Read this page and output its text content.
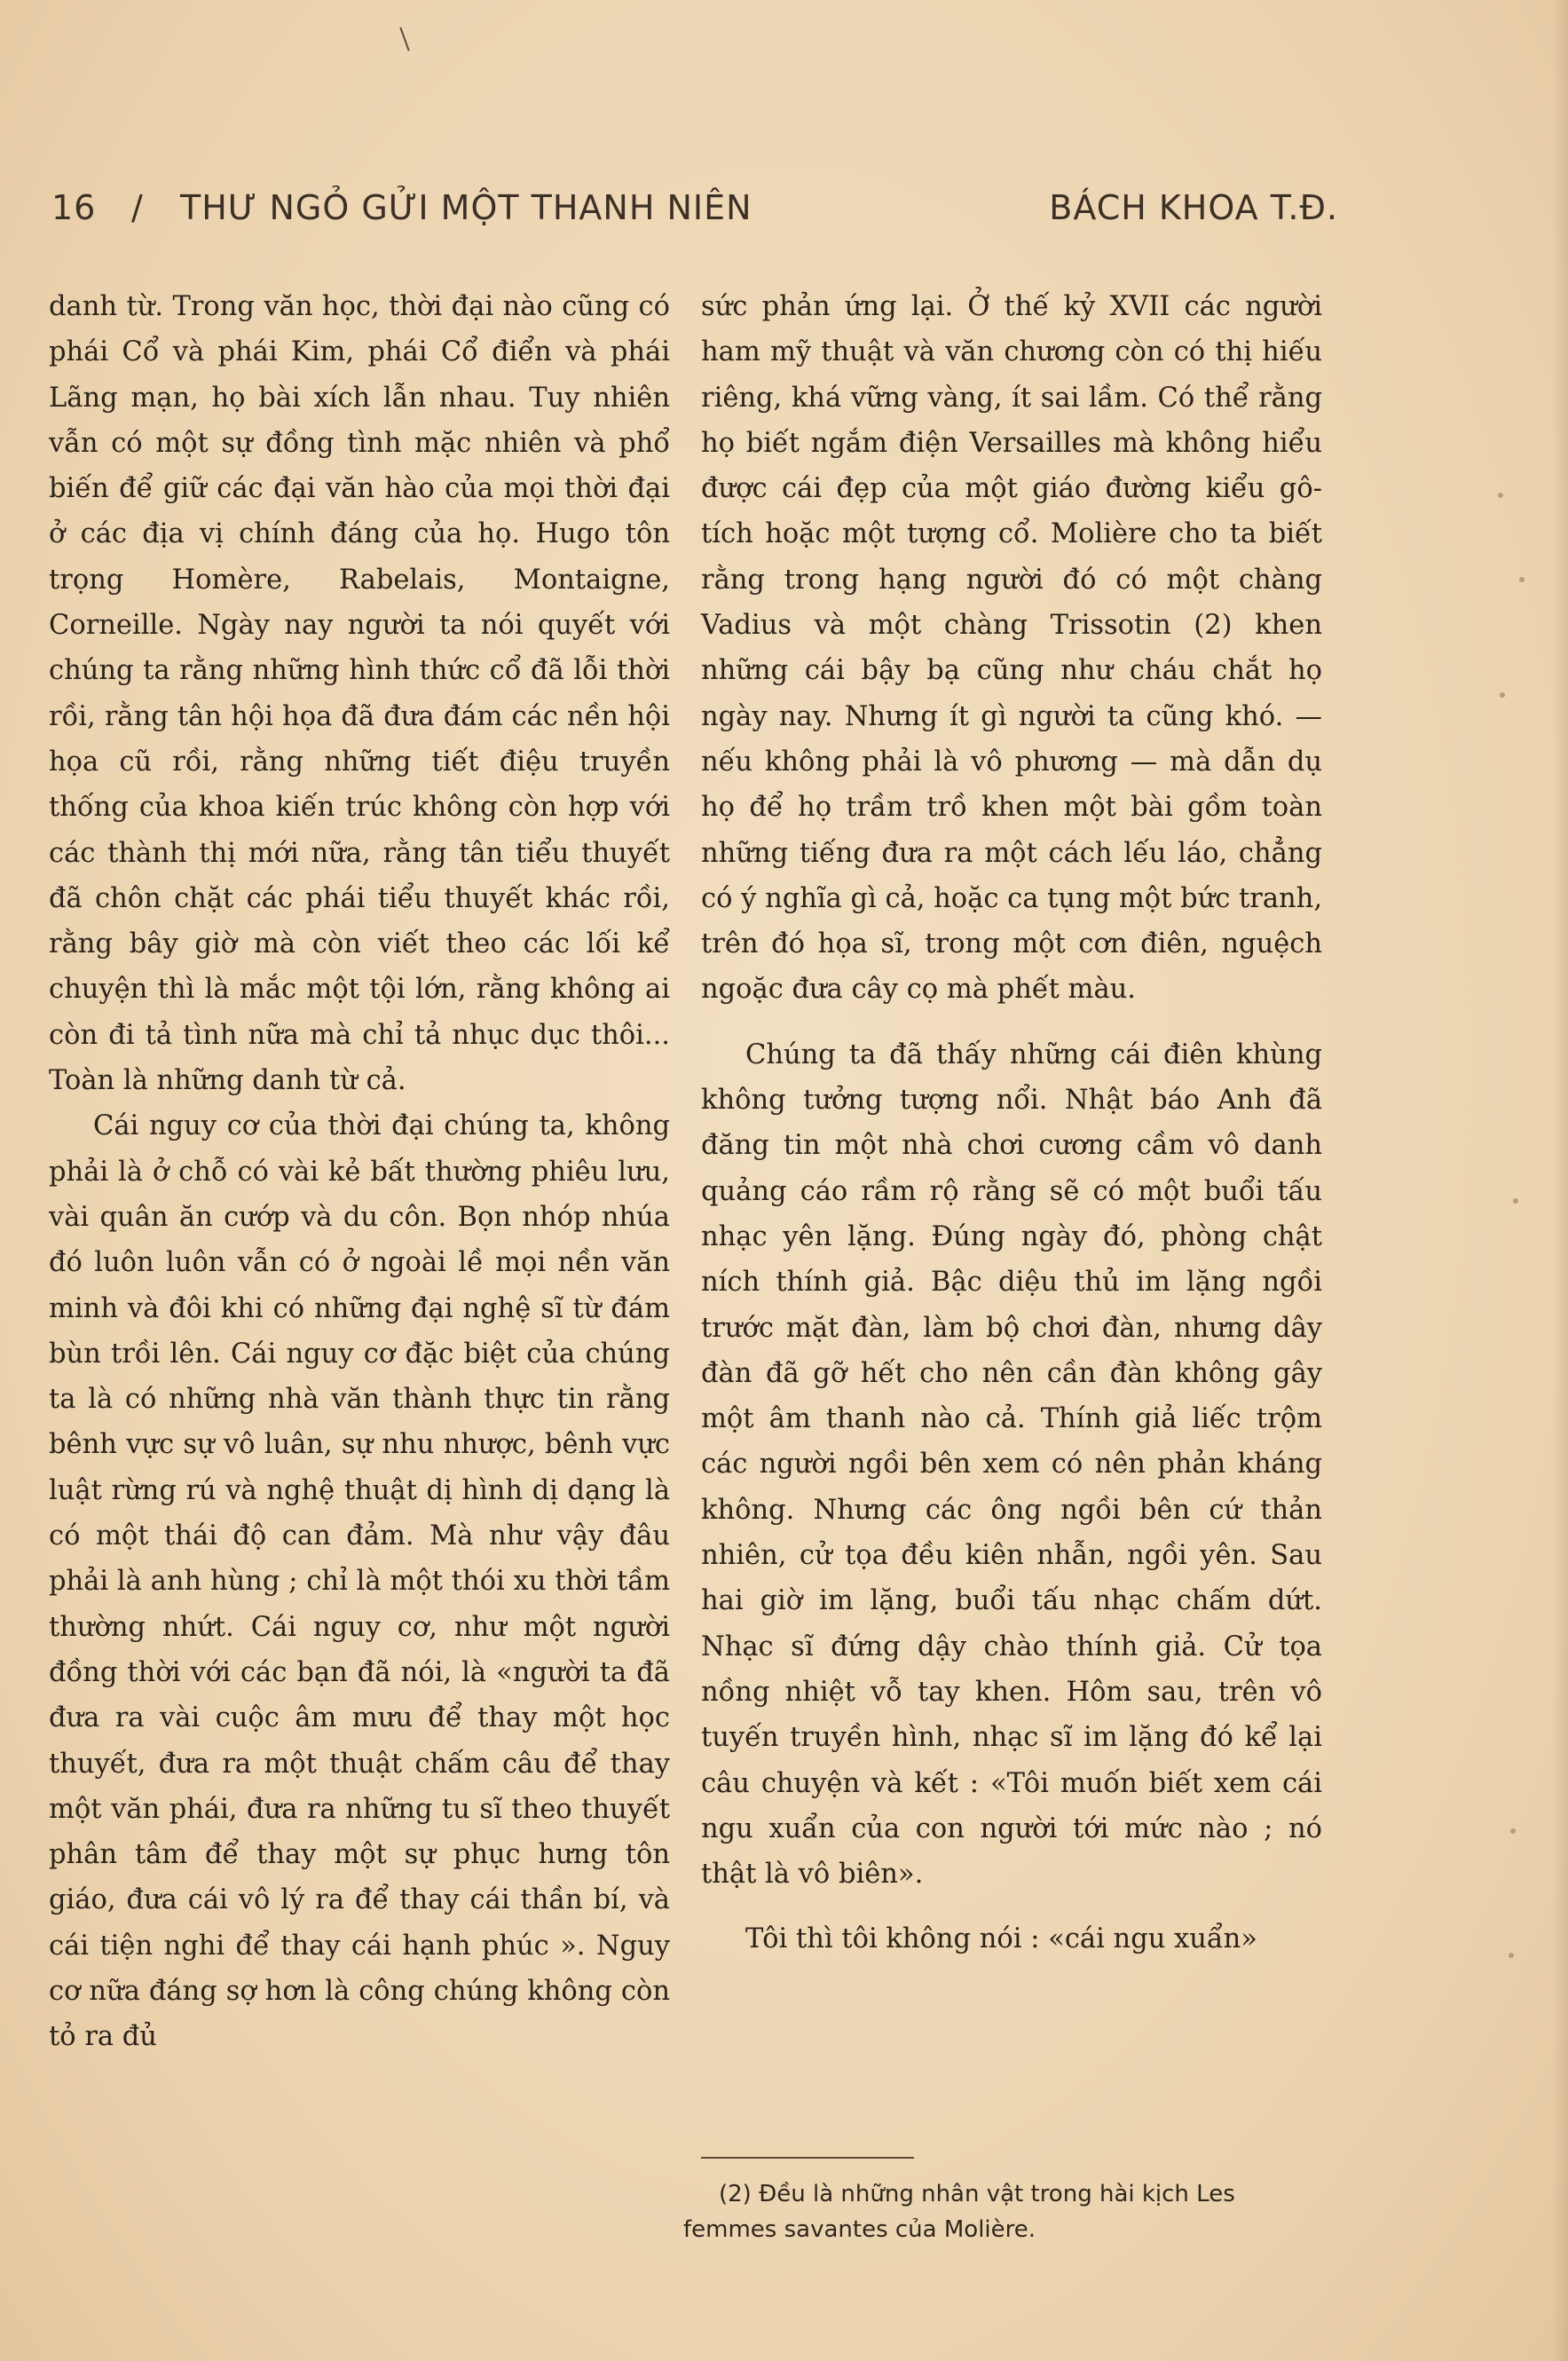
16 / THƯ NGỎ GỬI MỘT THANH NIÊN	BÁCH KHOA T.Đ.

danh từ. Trong văn học, thời đại nào cũng có phái Cổ và phái Kim, phái Cổ điển và phái Lãng mạn, họ bài xích lẫn nhau. Tuy nhiên vẫn có một sự đồng tình mặc nhiên và phổ biến để giữ các đại văn hào của mọi thời đại ở các địa vị chính đáng của họ. Hugo tôn trọng Homère, Rabelais, Montaigne, Corneille. Ngày nay người ta nói quyết với chúng ta rằng những hình thức cổ đã lỗi thời rồi, rằng tân hội họa đã đưa đám các nền hội họa cũ rồi, rằng những tiết điệu truyền thống của khoa kiến trúc không còn hợp với các thành thị mới nữa, rằng tân tiểu thuyết đã chôn chặt các phái tiểu thuyết khác rồi, rằng bây giờ mà còn viết theo các lối kể chuyện thì là mắc một tội lớn, rằng không ai còn đi tả tình nữa mà chỉ tả nhục dục thôi... Toàn là những danh từ cả.

Cái nguy cơ của thời đại chúng ta, không phải là ở chỗ có vài kẻ bất thường phiêu lưu, vài quân ăn cướp và du côn. Bọn nhóp nhúa đó luôn luôn vẫn có ở ngoài lề mọi nền văn minh và đôi khi có những đại nghệ sĩ từ đám bùn trồi lên. Cái nguy cơ đặc biệt của chúng ta là có những nhà văn thành thực tin rằng bênh vực sự vô luân, sự nhu nhược, bênh vực luật rừng rú và nghệ thuật dị hình dị dạng là có một thái độ can đảm. Mà như vậy đâu phải là anh hùng ; chỉ là một thói xu thời tầm thường nhứt. Cái nguy cơ, như một người đồng thời với các bạn đã nói, là «người ta đã đưa ra vài cuộc âm mưu để thay một học thuyết, đưa ra một thuật chấm câu để thay một văn phái, đưa ra những tu sĩ theo thuyết phân tâm để thay một sự phục hưng tôn giáo, đưa cái vô lý ra để thay cái thần bí, và cái tiện nghi để thay cái hạnh phúc ». Nguy cơ nữa đáng sợ hơn là công chúng không còn tỏ ra đủ

sức phản ứng lại. Ở thế kỷ XVII các người ham mỹ thuật và văn chương còn có thị hiếu riêng, khá vững vàng, ít sai lầm. Có thể rằng họ biết ngắm điện Versailles mà không hiểu được cái đẹp của một giáo đường kiểu gô-tích hoặc một tượng cổ. Molière cho ta biết rằng trong hạng người đó có một chàng Vadius và một chàng Trissotin (2) khen những cái bậy bạ cũng như cháu chắt họ ngày nay. Nhưng ít gì người ta cũng khó. — nếu không phải là vô phương — mà dẫn dụ họ để họ trầm trồ khen một bài gồm toàn những tiếng đưa ra một cách lếu láo, chẳng có ý nghĩa gì cả, hoặc ca tụng một bức tranh, trên đó họa sĩ, trong một cơn điên, nguệch ngoặc đưa cây cọ mà phết màu.

Chúng ta đã thấy những cái điên khùng không tưởng tượng nổi. Nhật báo Anh đã đăng tin một nhà chơi cương cầm vô danh quảng cáo rầm rộ rằng sẽ có một buổi tấu nhạc yên lặng. Đúng ngày đó, phòng chật ních thính giả. Bậc diệu thủ im lặng ngồi trước mặt đàn, làm bộ chơi đàn, nhưng dây đàn đã gỡ hết cho nên cần đàn không gây một âm thanh nào cả. Thính giả liếc trộm các người ngồi bên xem có nên phản kháng không. Nhưng các ông ngồi bên cứ thản nhiên, cử tọa đều kiên nhẫn, ngồi yên. Sau hai giờ im lặng, buổi tấu nhạc chấm dứt. Nhạc sĩ đứng dậy chào thính giả. Cử tọa nồng nhiệt vỗ tay khen. Hôm sau, trên vô tuyến truyền hình, nhạc sĩ im lặng đó kể lại câu chuyện và kết : «Tôi muốn biết xem cái ngu xuẩn của con người tới mức nào ; nó thật là vô biên».

Tôi thì tôi không nói : «cái ngu xuẩn»

(2) Đều là những nhân vật trong hài kịch Les femmes savantes của Molière.
